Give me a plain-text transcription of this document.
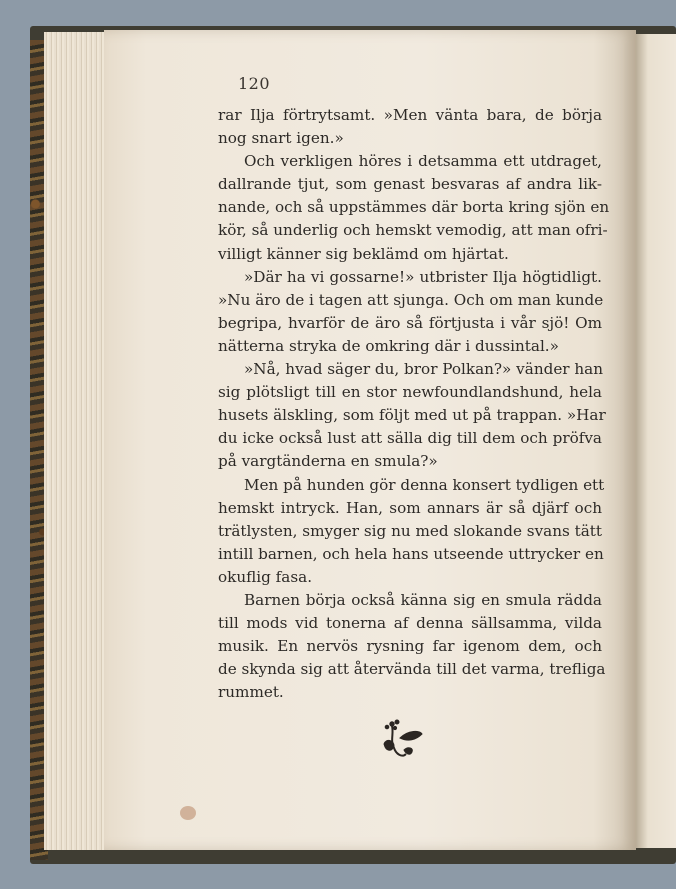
120
rar Ilja förtrytsamt. »Men vänta bara, de börja
nog snart igen.»
Och verkligen höres i detsamma ett utdraget,
dallrande tjut, som genast besvaras af andra lik-
nande, och så uppstämmes där borta kring sjön en
kör, så underlig och hemskt vemodig, att man ofri-
villigt känner sig beklämd om hjärtat.
»Där ha vi gossarne!» utbrister Ilja högtidligt.
»Nu äro de i tagen att sjunga. Och om man kunde
begripa, hvarför de äro så förtjusta i vår sjö! Om
nätterna stryka de omkring där i dussintal.»
»Nå, hvad säger du, bror Polkan?» vänder han
sig plötsligt till en stor newfoundlandshund, hela
husets älskling, som följt med ut på trappan. »Har
du icke också lust att sälla dig till dem och pröfva
på vargtänderna en smula?»
Men på hunden gör denna konsert tydligen ett
hemskt intryck. Han, som annars är så djärf och
trätlysten, smyger sig nu med slokande svans tätt
intill barnen, och hela hans utseende uttrycker en
okuflig fasa.
Barnen börja också känna sig en smula rädda
till mods vid tonerna af denna sällsamma, vilda
musik. En nervös rysning far igenom dem, och
de skynda sig att återvända till det varma, trefliga
rummet.
